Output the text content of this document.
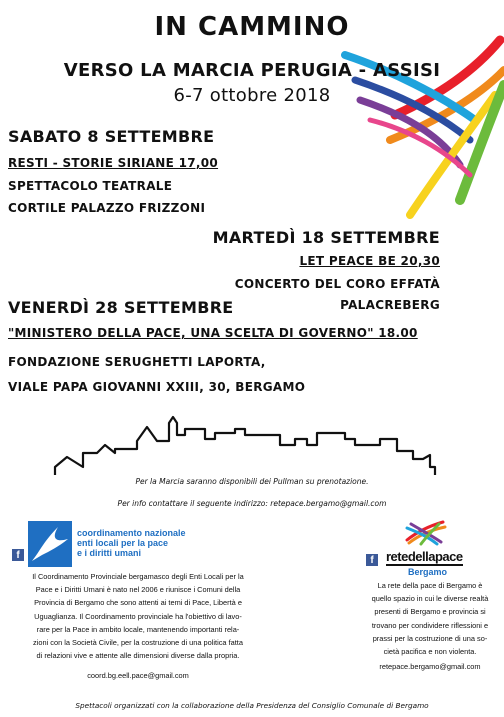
IN CAMMINO
VERSO LA MARCIA PERUGIA - ASSISI
6-7 ottobre 2018
SABATO 8 SETTEMBRE
RESTI - STORIE SIRIANE 17,00
SPETTACOLO TEATRALE
CORTILE PALAZZO FRIZZONI
MARTEDÌ 18 SETTEMBRE
LET PEACE BE 20,30
CONCERTO DEL CORO EFFATÀ
PALACREBERG
VENERDÌ 28 SETTEMBRE
"MINISTERO DELLA PACE, UNA SCELTA DI GOVERNO" 18.00
FONDAZIONE SERUGHETTI LAPORTA,
VIALE PAPA GIOVANNI XXIII, 30, BERGAMO
Per la Marcia saranno disponibili dei Pullman su prenotazione.
Per info contattare il seguente indirizzo: retepace.bergamo@gmail.com
f
coordinamento nazionale
enti locali per la pace
e i diritti umani
Il Coordinamento Provinciale bergamasco degli Enti Locali per la
Pace e i Diritti Umani è nato nel 2006 e riunisce i Comuni della
Provincia di Bergamo che sono attenti ai temi di Pace, Libertà e
Uguaglianza. Il Coordinamento provinciale ha l'obiettivo di lavo-
rare per la Pace in ambito locale, mantenendo importanti rela-
zioni con la Società Civile, per la costruzione di una politica fatta
di relazioni vive e attente alle dimensioni diverse dalla propria.
coord.bg.eell.pace@gmail.com
f retedellapace
Bergamo
La rete della pace di Bergamo è
quello spazio in cui le diverse realtà
presenti di Bergamo e provincia si
trovano per condividere riflessioni e
prassi per la costruzione di una so-
cietà pacifica e non violenta.
retepace.bergamo@gmail.com
Spettacoli organizzati con la collaborazione della Presidenza del Consiglio Comunale di Bergamo
